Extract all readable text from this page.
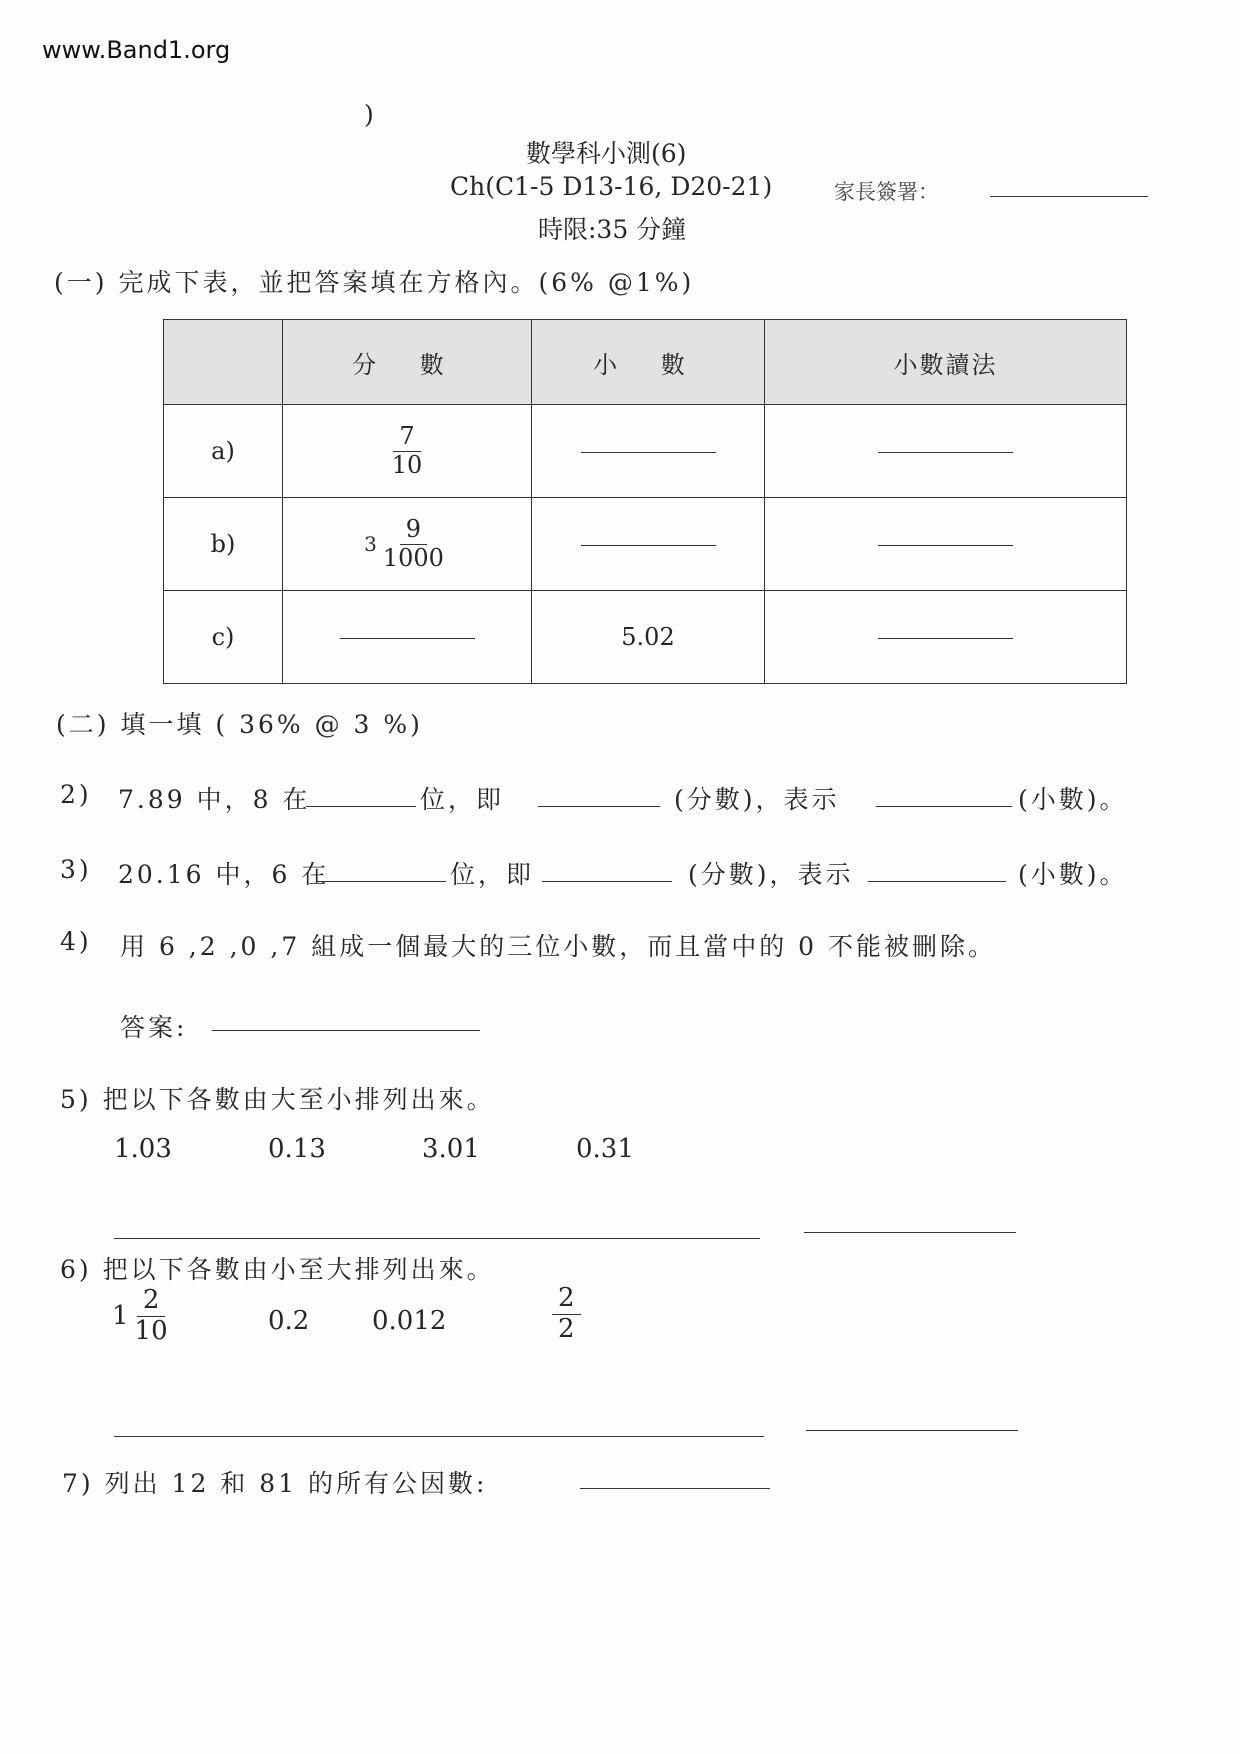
www.Band1.org
)
數學科小測(6)
Ch(C1-5 D13-16, D20-21)	家長簽署：
時限:35 分鐘
(一) 完成下表，並把答案填在方格內。(6% @1%)
	分 數	小 數	小數讀法
a)	$\frac{7}{10}$

b)	$3 \frac{9}{1000}$

c)		5.02	
(二) 填一填 ( 36% @ 3 %)
2) 7.89 中，8 在	位，即	(分數)，表示	(小數)。
3) 20.16 中，6 在	位，即	(分數)，表示	(小數)。
4) 用 6 ,2 ,0 ,7 組成一個最大的三位小數，而且當中的 0 不能被刪除。
答案:
5) 把以下各數由大至小排列出來。
1.03	0.13	3.01	0.31
6) 把以下各數由小至大排列出來。
$1 \frac{2}{10}$	0.2 0.012	$\frac{2}{2}$
7) 列出 12 和 81 的所有公因數:
